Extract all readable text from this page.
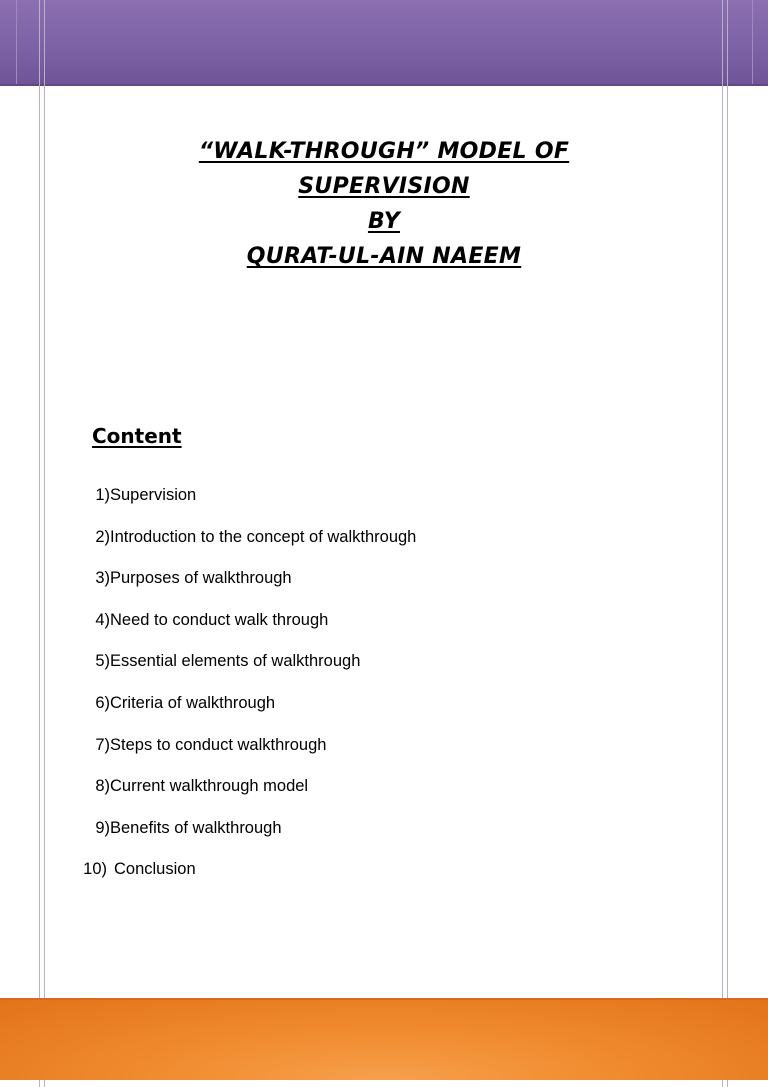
“WALK-THROUGH” MODEL OF
SUPERVISION
BY
QURAT-UL-AIN NAEEM
Content
1) Supervision
2) Introduction to the concept of walkthrough
3) Purposes of walkthrough
4) Need to conduct walk through
5) Essential elements of walkthrough
6) Criteria of walkthrough
7) Steps to conduct walkthrough
8) Current walkthrough model
9) Benefits of walkthrough
10) Conclusion
